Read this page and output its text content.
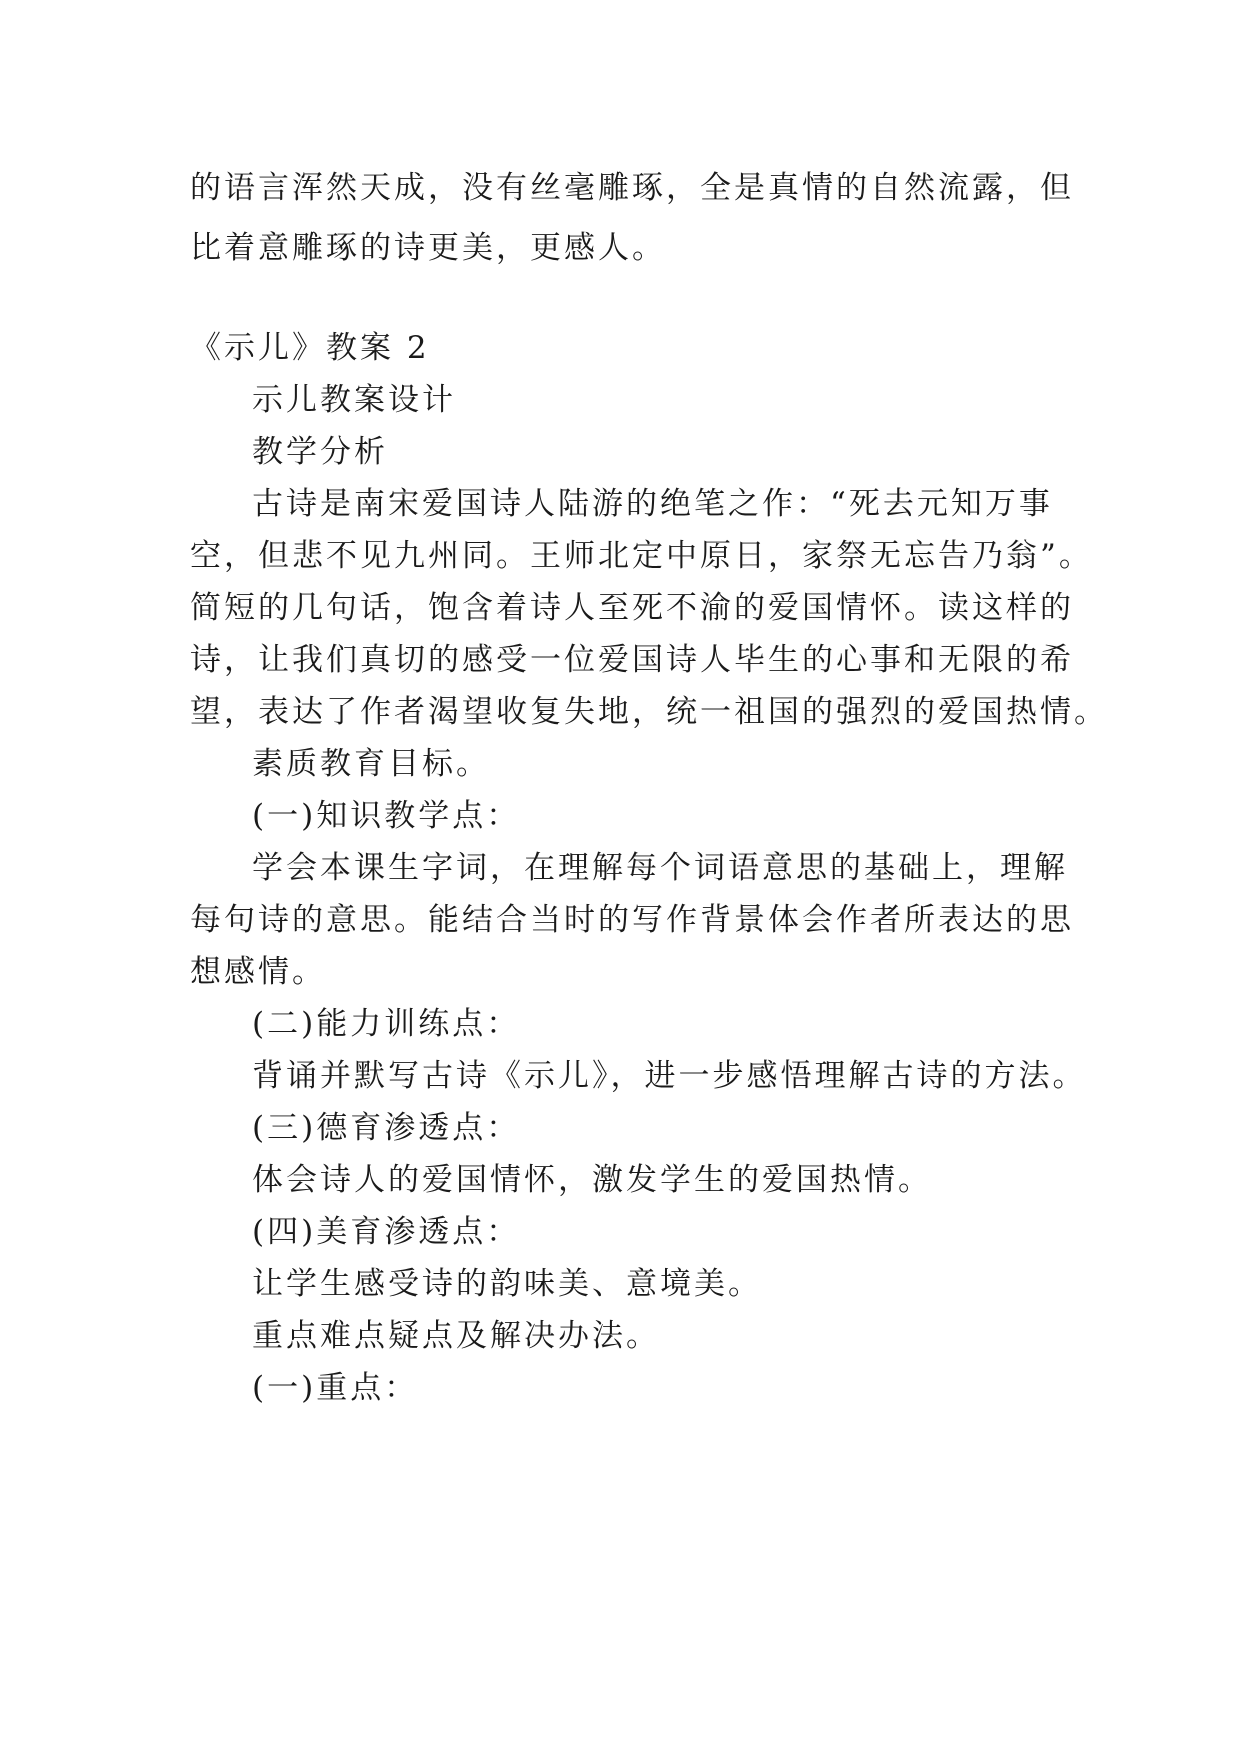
的语言浑然天成，没有丝毫雕琢，全是真情的自然流露，但
比着意雕琢的诗更美，更感人。
《示儿》教案 2
示儿教案设计
教学分析
古诗是南宋爱国诗人陆游的绝笔之作：“死去元知万事
空，但悲不见九州同。王师北定中原日，家祭无忘告乃翁”。
简短的几句话，饱含着诗人至死不渝的爱国情怀。读这样的
诗，让我们真切的感受一位爱国诗人毕生的心事和无限的希
望，表达了作者渴望收复失地，统一祖国的强烈的爱国热情。
素质教育目标。
(一)知识教学点：
学会本课生字词，在理解每个词语意思的基础上，理解
每句诗的意思。能结合当时的写作背景体会作者所表达的思
想感情。
(二)能力训练点：
背诵并默写古诗《示儿》，进一步感悟理解古诗的方法。
(三)德育渗透点：
体会诗人的爱国情怀，激发学生的爱国热情。
(四)美育渗透点：
让学生感受诗的韵味美、意境美。
重点难点疑点及解决办法。
(一)重点：
